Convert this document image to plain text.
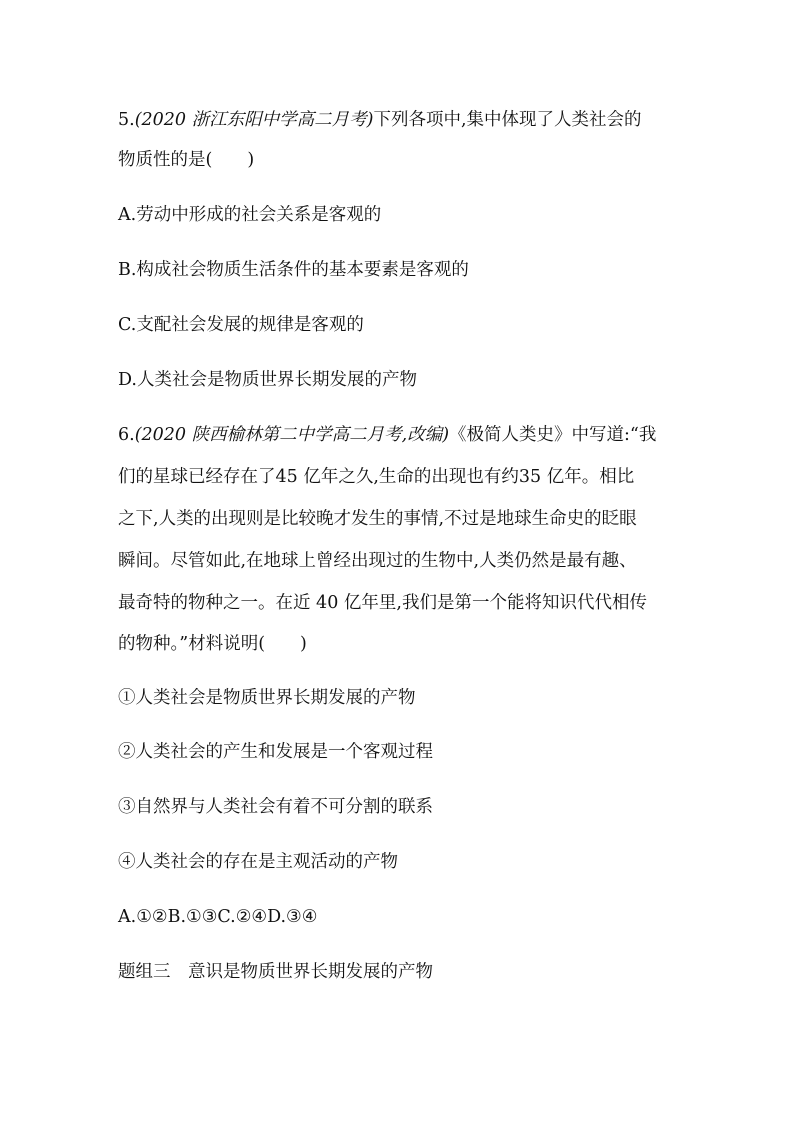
5.(2020 浙江东阳中学高二月考)下列各项中,集中体现了人类社会的
物质性的是(　　)
A.劳动中形成的社会关系是客观的
B.构成社会物质生活条件的基本要素是客观的
C.支配社会发展的规律是客观的
D.人类社会是物质世界长期发展的产物
6.(2020 陕西榆林第二中学高二月考,改编)《极简人类史》中写道:“我
们的星球已经存在了45 亿年之久,生命的出现也有约35 亿年。相比
之下,人类的出现则是比较晚才发生的事情,不过是地球生命史的眨眼
瞬间。尽管如此,在地球上曾经出现过的生物中,人类仍然是最有趣、
最奇特的物种之一。在近 40 亿年里,我们是第一个能将知识代代相传
的物种。”材料说明(　　)
①人类社会是物质世界长期发展的产物
②人类社会的产生和发展是一个客观过程
③自然界与人类社会有着不可分割的联系
④人类社会的存在是主观活动的产物
A.①②B.①③C.②④D.③④
题组三　意识是物质世界长期发展的产物
